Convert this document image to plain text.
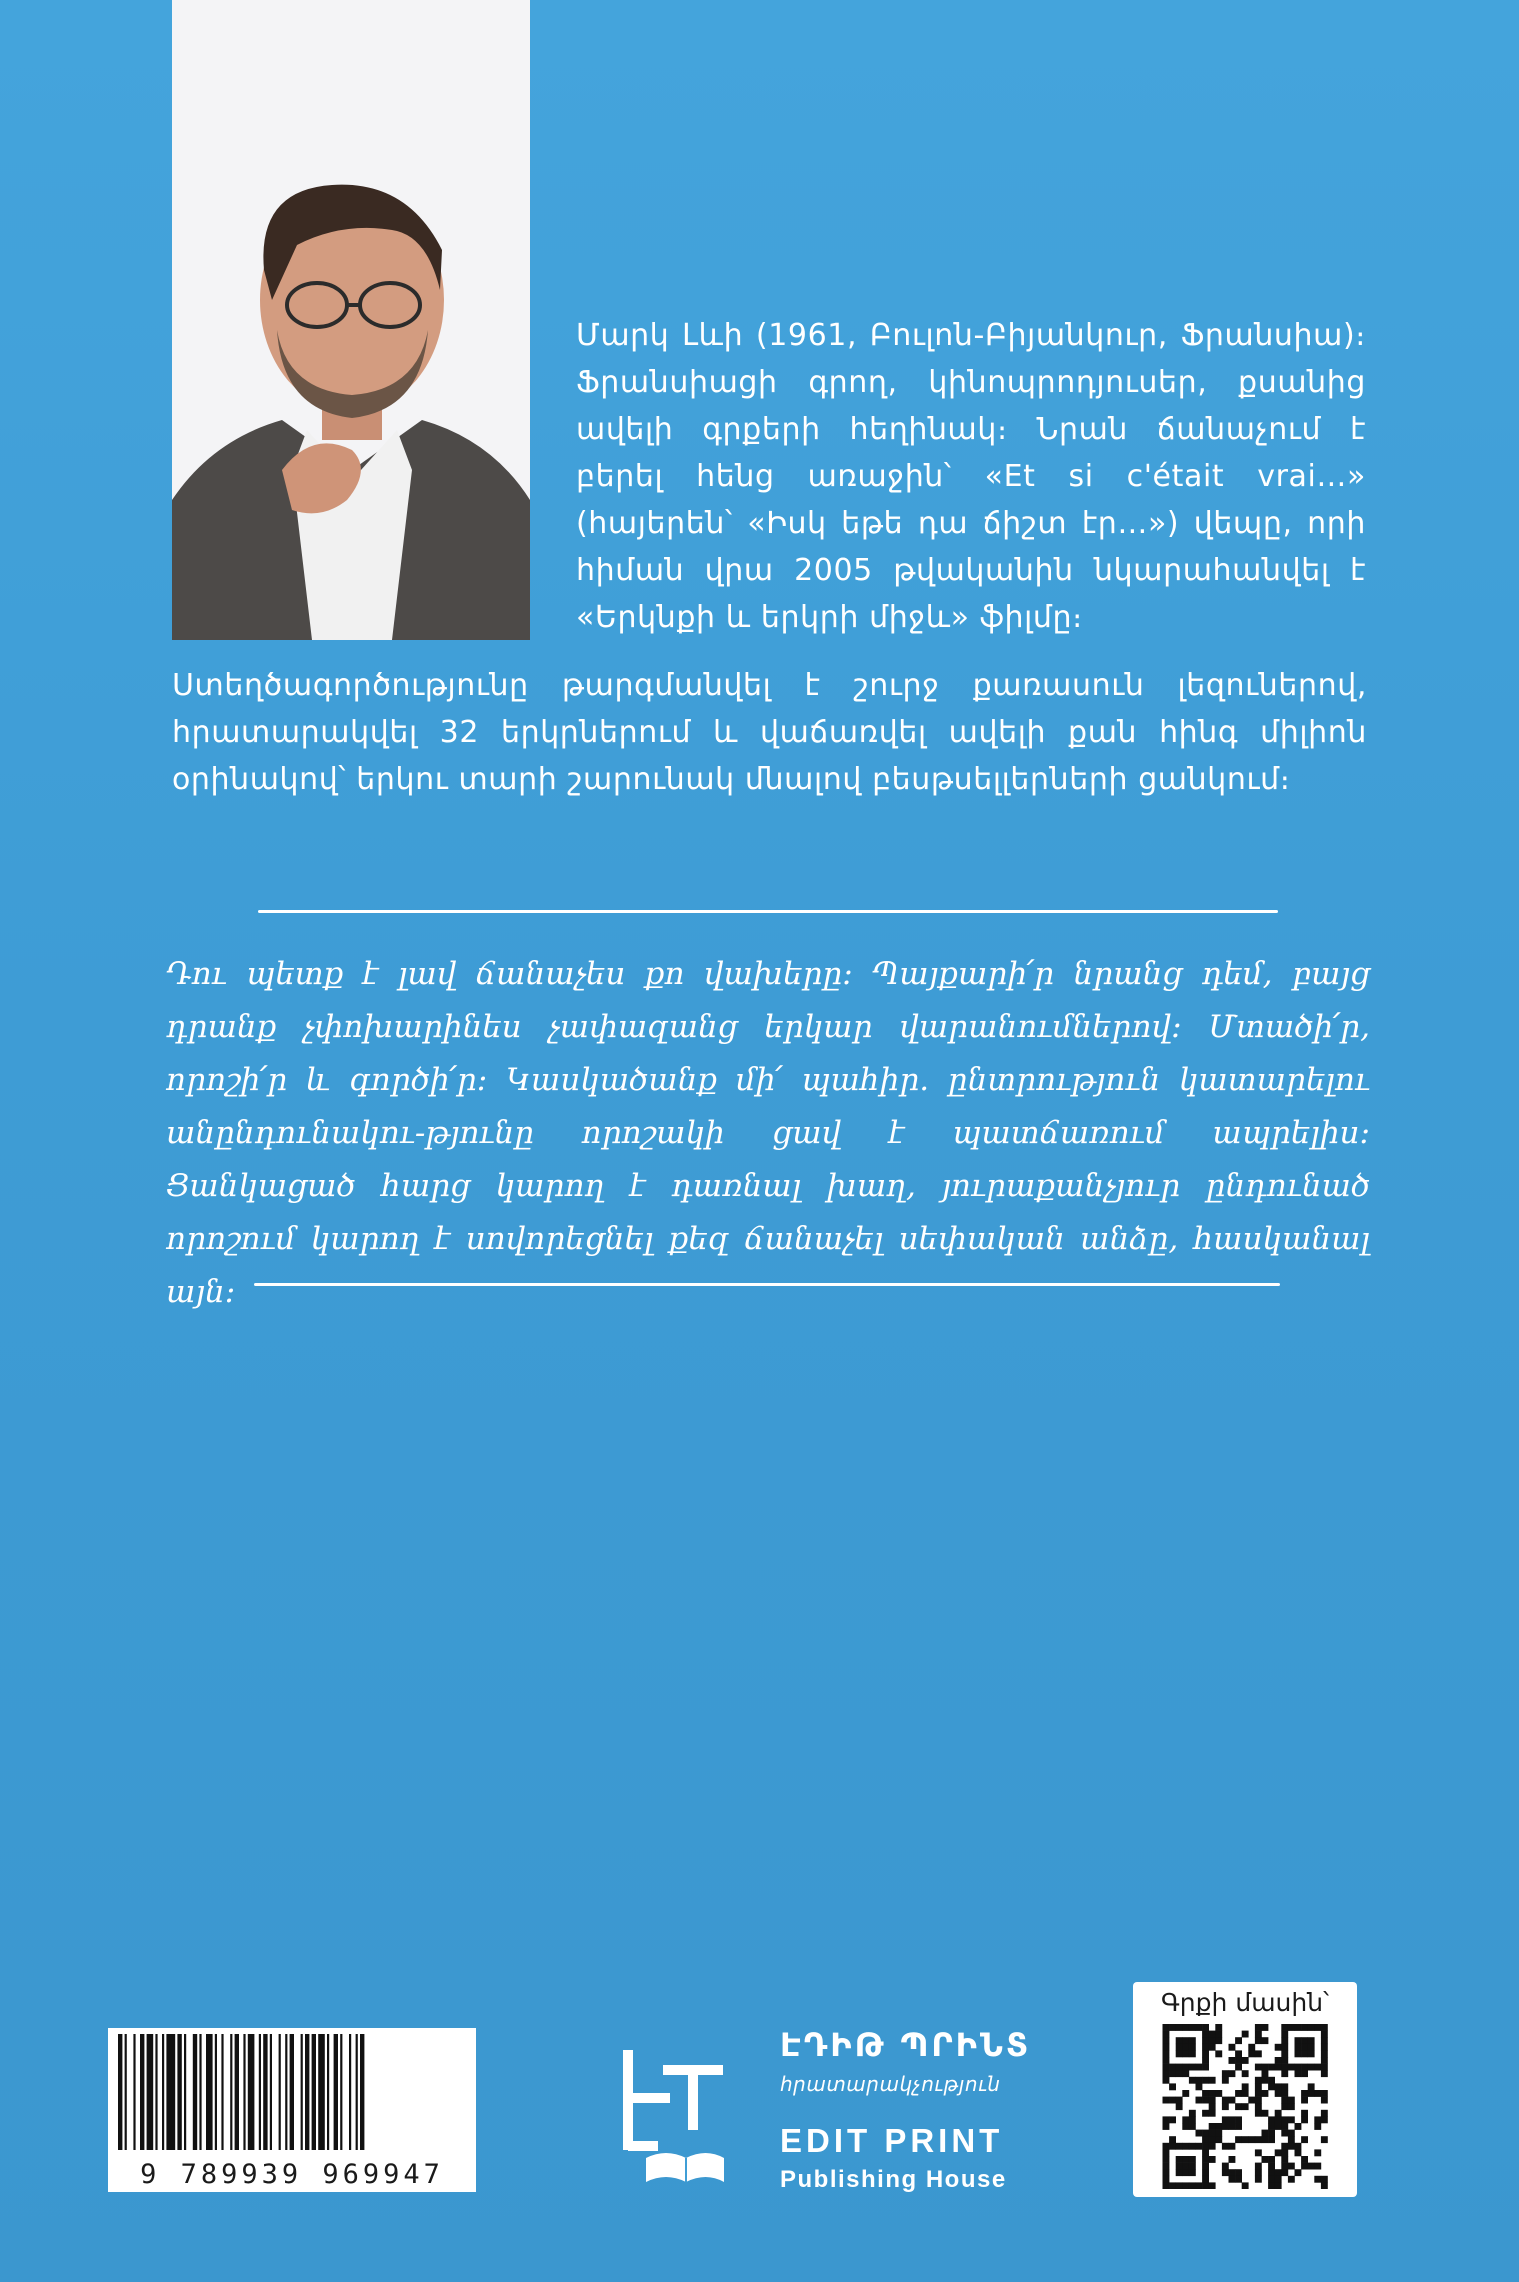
Մարկ Լևի (1961, Բուլոն-Բիյանկուր, Ֆրանսիա)։ Ֆրանսիացի գրող, կինոպրոդյուսեր, քսանից ավելի գրքերի հեղինակ։ Նրան ճանաչում է բերել հենց առաջին՝ «Et si c'était vrai…» (հայերեն՝ «Իսկ եթե դա ճիշտ էր…») վեպը, որի հիման վրա 2005 թվականին նկարահանվել է «Երկնքի և երկրի միջև» ֆիլմը։
Ստեղծագործությունը թարգմանվել է շուրջ քառասուն լեզուներով, հրատարակվել 32 երկրներում և վաճառվել ավելի քան հինգ միլիոն օրինակով՝ երկու տարի շարունակ մնալով բեսթսելլերների ցանկում։
Դու պետք է լավ ճանաչես քո վախերը։ Պայքարի՛ր նրանց դեմ, բայց դրանք չփոխարինես չափազանց երկար վարանումներով։ Մտածի՛ր, որոշի՛ր և գործի՛ր։ Կասկածանք մի՛ պահիր. ընտրություն կատարելու անընդունակու-թյունը որոշակի ցավ է պատճառում ապրելիս։ Ցանկացած հարց կարող է դառնալ խաղ, յուրաքանչյուր ընդունած որոշում կարող է սովորեցնել քեզ ճանաչել սեփական անձը, հասկանալ այն։
9 789939 969947
ԷԴԻԹ ՊՐԻՆՏ
հրատարակչություն
EDIT PRINT
Publishing House
Գրքի մասին՝
